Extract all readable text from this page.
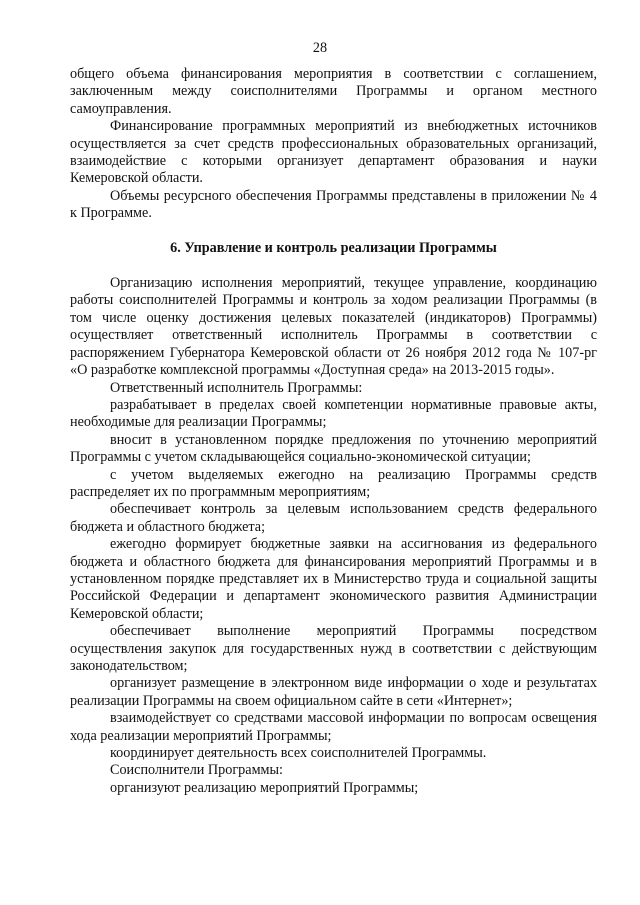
28

общего объема финансирования мероприятия в соответствии с соглашением, заключенным между соисполнителями Программы и органом местного самоуправления.

Финансирование программных мероприятий из внебюджетных источников осуществляется за счет средств профессиональных образовательных организаций, взаимодействие с которыми организует департамент образования и науки Кемеровской области.

Объемы ресурсного обеспечения Программы представлены в приложении № 4 к Программе.

6. Управление и контроль реализации Программы

Организацию исполнения мероприятий, текущее управление, координацию работы соисполнителей Программы и контроль за ходом реализации Программы (в том числе оценку достижения целевых показателей (индикаторов) Программы) осуществляет ответственный исполнитель Программы в соответствии с распоряжением Губернатора Кемеровской области от 26 ноября 2012 года № 107-рг «О разработке комплексной программы «Доступная среда» на 2013-2015 годы».

Ответственный исполнитель Программы:

разрабатывает в пределах своей компетенции нормативные правовые акты, необходимые для реализации Программы;

вносит в установленном порядке предложения по уточнению мероприятий Программы с учетом складывающейся социально-экономической ситуации;

с учетом выделяемых ежегодно на реализацию Программы средств распределяет их по программным мероприятиям;

обеспечивает контроль за целевым использованием средств федерального бюджета и областного бюджета;

ежегодно формирует бюджетные заявки на ассигнования из федерального бюджета и областного бюджета для финансирования мероприятий Программы и в установленном порядке представляет их в Министерство труда и социальной защиты Российской Федерации и департамент экономического развития Администрации Кемеровской области;

обеспечивает выполнение мероприятий Программы посредством осуществления закупок для государственных нужд в соответствии с действующим законодательством;

организует размещение в электронном виде информации о ходе и результатах реализации Программы на своем официальном сайте в сети «Интернет»;

взаимодействует со средствами массовой информации по вопросам освещения хода реализации мероприятий Программы;

координирует деятельность всех соисполнителей Программы.

Соисполнители Программы:

организуют реализацию мероприятий Программы;
